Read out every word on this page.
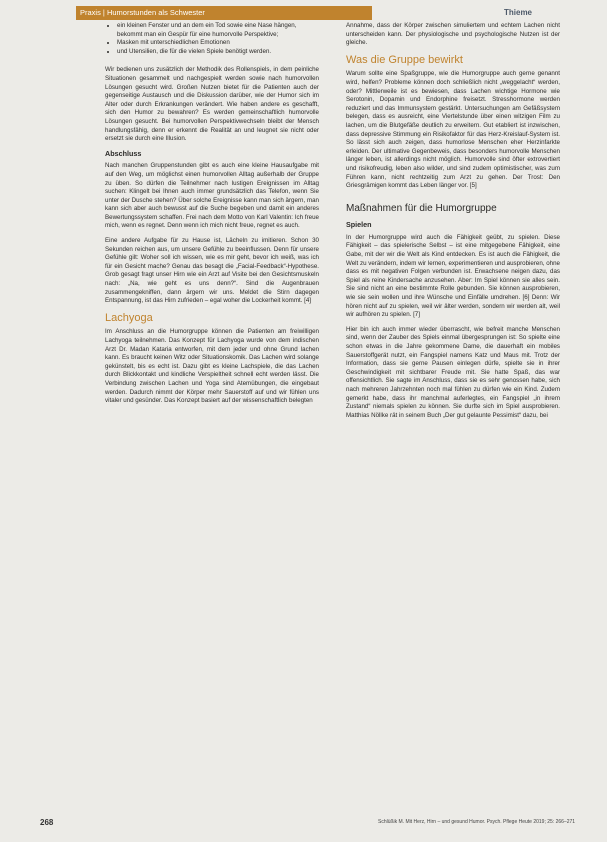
Praxis | Humorstunden als Schwester	Thieme
• ein kleinen Fenster und an dem ein Tod sowie eine Nase hängen, bekommt man ein Gespür für eine humorvolle Perspektive;
• Masken mit unterschiedlichen Emotionen
• und Utensilien, die für die vielen Spiele benötigt werden.

Wir bedienen uns zusätzlich der Methodik des Rollenspiels, in dem peinliche Situationen gesammelt und nachgespielt werden sowie nach humorvollen Lösungen gesucht wird. Großen Nutzen bietet für die Patienten auch der gegenseitige Austausch und die Diskussion darüber, wie der Humor sich im Alter oder durch Erkrankungen verändert. Wie haben andere es geschafft, sich den Humor zu bewahren? Es werden gemeinschaftlich humorvolle Lösungen gesucht. Bei humorvollen Perspektivwechseln bleibt der Mensch handlungsfähig, denn er erkennt die Realität an und leugnet sie nicht oder ersetzt sie durch eine Illusion.

Abschluss

Nach manchen Gruppenstunden gibt es auch eine kleine Hausaufgabe mit auf den Weg, um möglichst einen humorvollen Alltag außerhalb der Gruppe zu üben. So dürfen die Teilnehmer nach lustigen Ereignissen im Alltag suchen: Klingelt bei Ihnen auch immer grundsätzlich das Telefon, wenn Sie unter der Dusche stehen? Über solche Ereignisse kann man sich ärgern, man kann sich aber auch bewusst auf die Suche begeben und damit ein anderes Bewertungssystem schaffen. Frei nach dem Motto von Karl Valentin: Ich freue mich, wenn es regnet. Denn wenn ich mich nicht freue, regnet es auch.

Eine andere Aufgabe für zu Hause ist, Lächeln zu imitieren. Schon 30 Sekunden reichen aus, um unsere Gefühle zu beeinflussen. Denn für unsere Gefühle gilt: Woher soll ich wissen, wie es mir geht, bevor ich weiß, was ich für ein Gesicht mache? Genau das besagt die „Facial-Feedback“-Hypothese. Grob gesagt fragt unser Hirn wie ein Arzt auf Visite bei den Gesichtsmuskeln nach: „Na, wie geht es uns denn?“. Sind die Augenbrauen zusammengekniffen, dann ärgern wir uns. Meldet die Stirn dagegen Entspannung, ist das Hirn zufrieden – egal woher die Lockerheit kommt. [4]

Lachyoga

Im Anschluss an die Humorgruppe können die Patienten am freiwilligen Lachyoga teilnehmen. Das Konzept für Lachyoga wurde von dem indischen Arzt Dr. Madan Kataria entworfen, mit dem jeder und ohne Grund lachen kann. Es braucht keinen Witz oder Situationskomik. Das Lachen wird solange gekünstelt, bis es echt ist. Dazu gibt es kleine Lachspiele, die das Lachen durch Blickkontakt und kindliche Verspieltheit schnell echt werden lässt. Die Verbindung zwischen Lachen und Yoga sind Atemübungen, die eingebaut werden. Dadurch nimmt der Körper mehr Sauerstoff auf und wir fühlen uns vitaler und gesünder. Das Konzept basiert auf der wissenschaftlich belegten

Annahme, dass der Körper zwischen simuliertem und echtem Lachen nicht unterscheiden kann. Der physiologische und psychologische Nutzen ist der gleiche.

Was die Gruppe bewirkt

Warum sollte eine Spaßgruppe, wie die Humorgruppe auch gerne genannt wird, helfen? Probleme können doch schließlich nicht „weggelacht“ werden, oder? Mittlerweile ist es bewiesen, dass Lachen wichtige Hormone wie Serotonin, Dopamin und Endorphine freisetzt. Stresshormone werden reduziert und das Immunsystem gestärkt. Untersuchungen am Gefäßsystem belegen, dass es ausreicht, eine Viertelstunde über einen witzigen Film zu lachen, um die Blutgefäße deutlich zu erweitern. Gut etabliert ist inzwischen, dass depressive Stimmung ein Risikofaktor für das Herz-Kreislauf-System ist. So lässt sich auch zeigen, dass humorlose Menschen eher Herzinfarkte erleiden. Der ultimative Gegenbeweis, dass besonders humorvolle Menschen länger leben, ist allerdings nicht möglich. Humorvolle sind öfter extrovertiert und risikofreudig, leben also wilder, und sind zudem optimistischer, was zum Führen kann, nicht rechtzeitig zum Arzt zu gehen. Der Trost: Den Griesgrämigen kommt das Leben länger vor. [5]

Maßnahmen für die Humorgruppe
Spielen

In der Humorgruppe wird auch die Fähigkeit geübt, zu spielen. Diese Fähigkeit – das spielerische Selbst – ist eine mitgegebene Fähigkeit, eine Gabe, mit der wir die Welt als Kind entdecken. Es ist auch die Fähigkeit, die Welt zu verändern, indem wir lernen, experimentieren und ausprobieren, ohne dass es mit negativen Folgen verbunden ist. Erwachsene neigen dazu, das Spiel als reine Kindersache anzusehen. Aber: Im Spiel können sie alles sein. Sie sind nicht an eine bestimmte Rolle gebunden. Sie können ausprobieren, wie sie sein wollen und ihre Wünsche und Einfälle umdrehen. [6] Denn: Wir hören nicht auf zu spielen, weil wir älter werden, sondern wir werden alt, weil wir aufhören zu spielen. [7]

Hier bin ich auch immer wieder überrascht, wie befreit manche Menschen sind, wenn der Zauber des Spiels einmal übergesprungen ist: So spielte eine schon etwas in die Jahre gekommene Dame, die dauerhaft ein mobiles Sauerstoffgerät nutzt, ein Fangspiel namens Katz und Maus mit. Trotz der Information, dass sie gerne Pausen einlegen dürfe, spielte sie in ihrer Geschwindigkeit mit sichtbarer Freude mit. Sie hatte Spaß, das war offensichtlich. Sie sagte im Anschluss, dass sie es sehr genossen habe, sich nach mehreren Jahrzehnten noch mal fühlen zu dürfen wie ein Kind. Zudem gemerkt habe, dass ihr manchmal auferlegtes, ein Fangspiel „in ihrem Zustand“ niemals spielen zu können. Sie durfte sich im Spiel ausprobieren. Matthias Nöllke rät in seinem Buch „Der gut gelaunte Pessimist“ dazu, bei

268	Schlüßik M. Mit Herz, Hirn – und gesund Humor. Psych. Pflege Heute 2019; 25: 266–271
